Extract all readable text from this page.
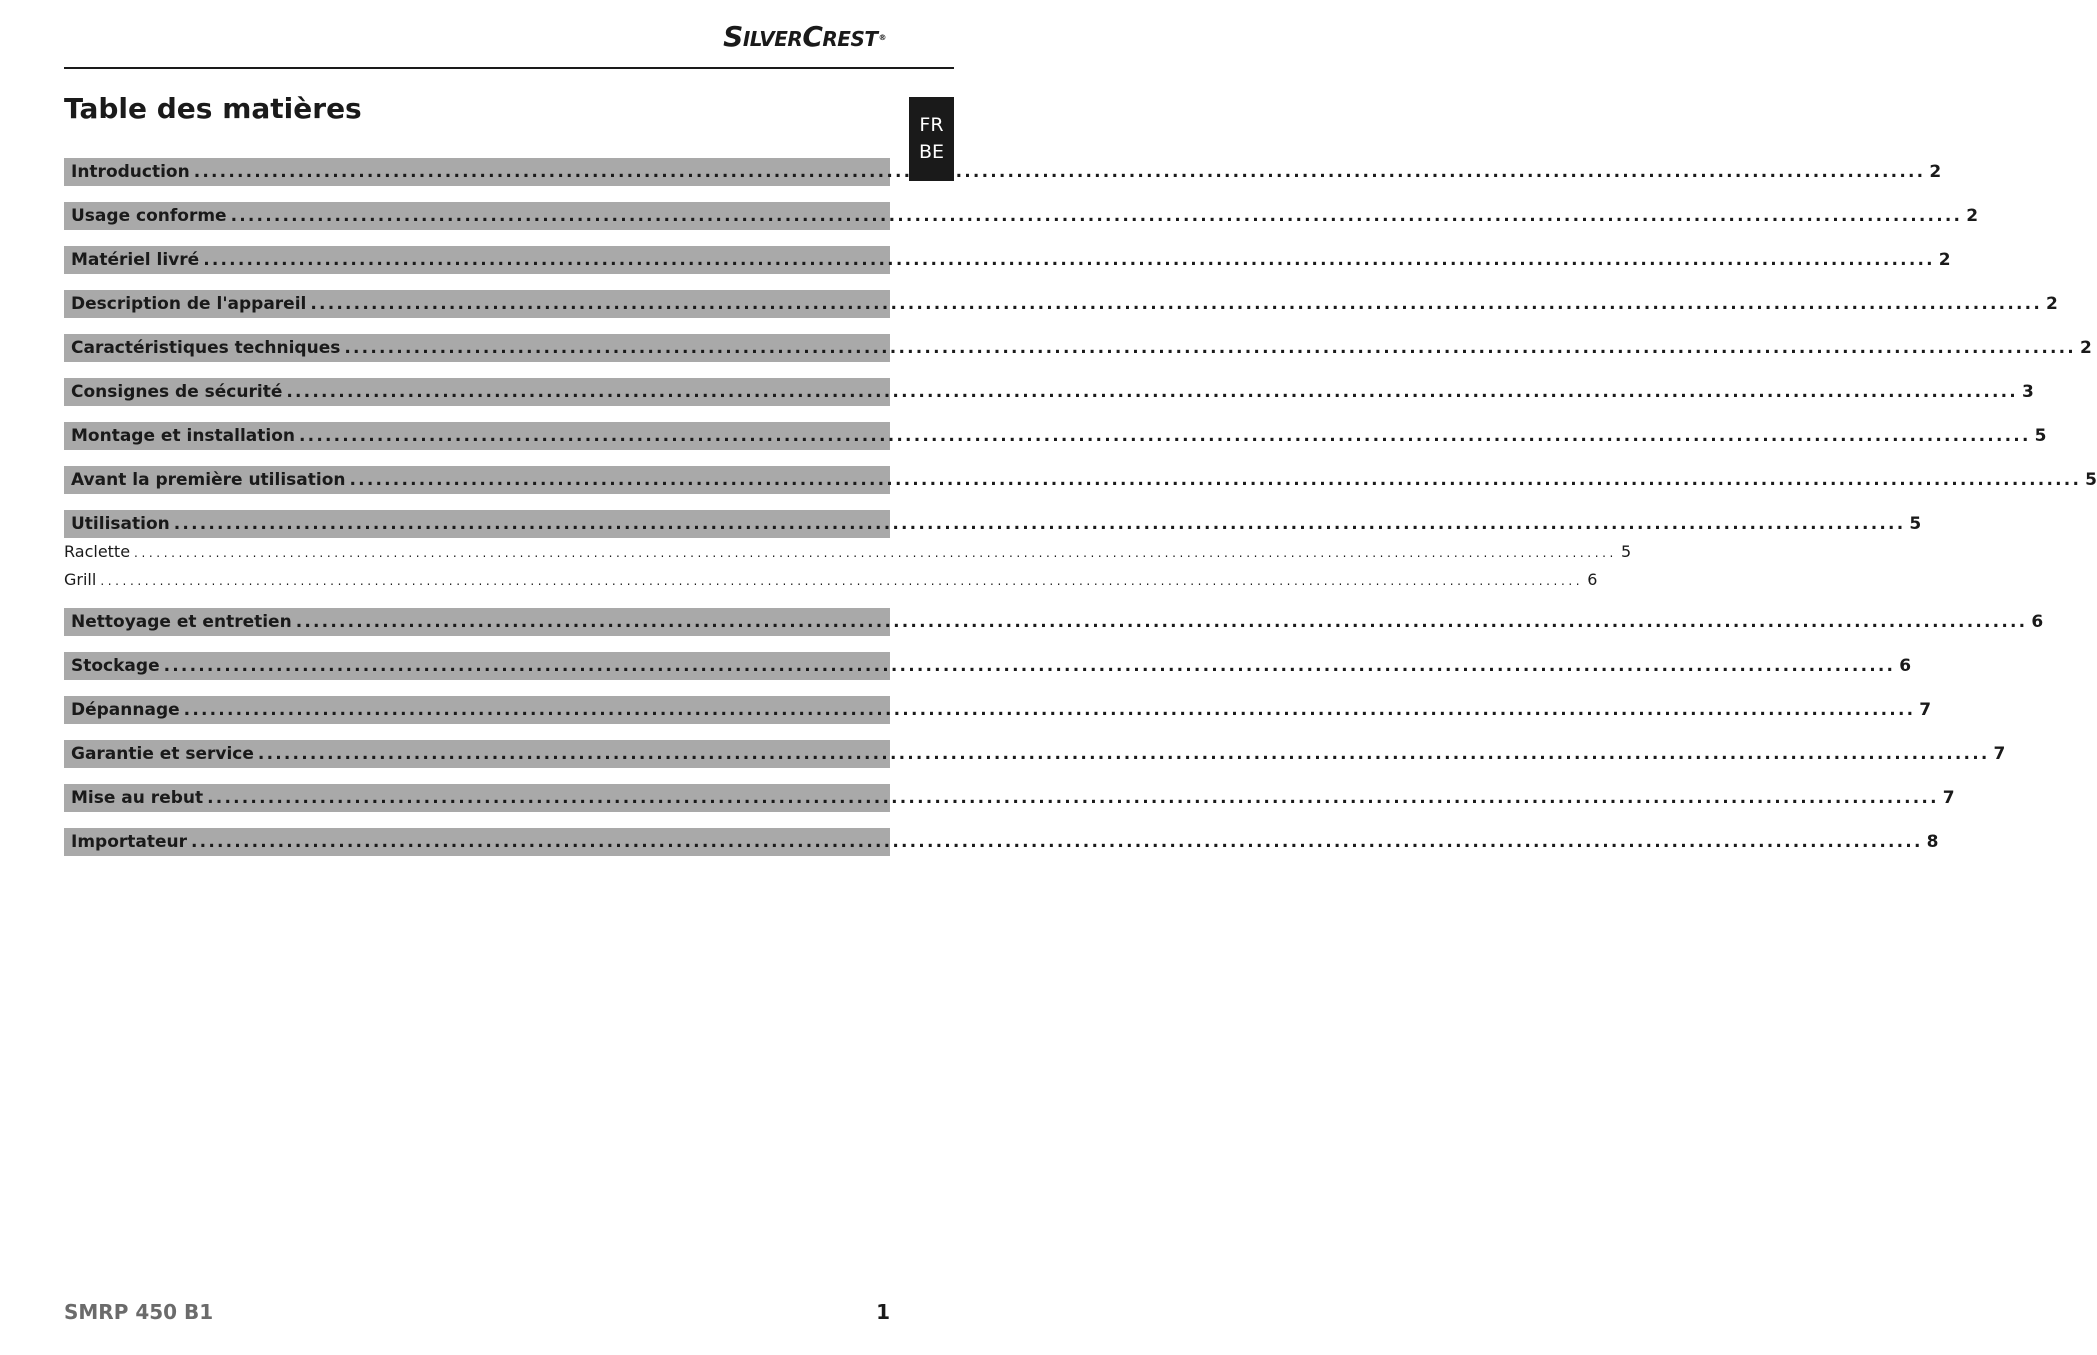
SILVERCREST®
FR
BE
Table des matières
Introduction ........................................................................................................................................................................................................ 2
Usage conforme ........................................................................................................................................................................................................ 2
Matériel livré ........................................................................................................................................................................................................ 2
Description de l'appareil ........................................................................................................................................................................................................ 2
Caractéristiques techniques ........................................................................................................................................................................................................ 2
Consignes de sécurité ........................................................................................................................................................................................................ 3
Montage et installation ........................................................................................................................................................................................................ 5
Avant la première utilisation ........................................................................................................................................................................................................ 5
Utilisation ........................................................................................................................................................................................................ 5
Raclette ........................................................................................................................................................................................................ 5
Grill ........................................................................................................................................................................................................ 6
Nettoyage et entretien ........................................................................................................................................................................................................ 6
Stockage ........................................................................................................................................................................................................ 6
Dépannage ........................................................................................................................................................................................................ 7
Garantie et service ........................................................................................................................................................................................................ 7
Mise au rebut ........................................................................................................................................................................................................ 7
Importateur ........................................................................................................................................................................................................ 8
SMRP 450 B1	1
